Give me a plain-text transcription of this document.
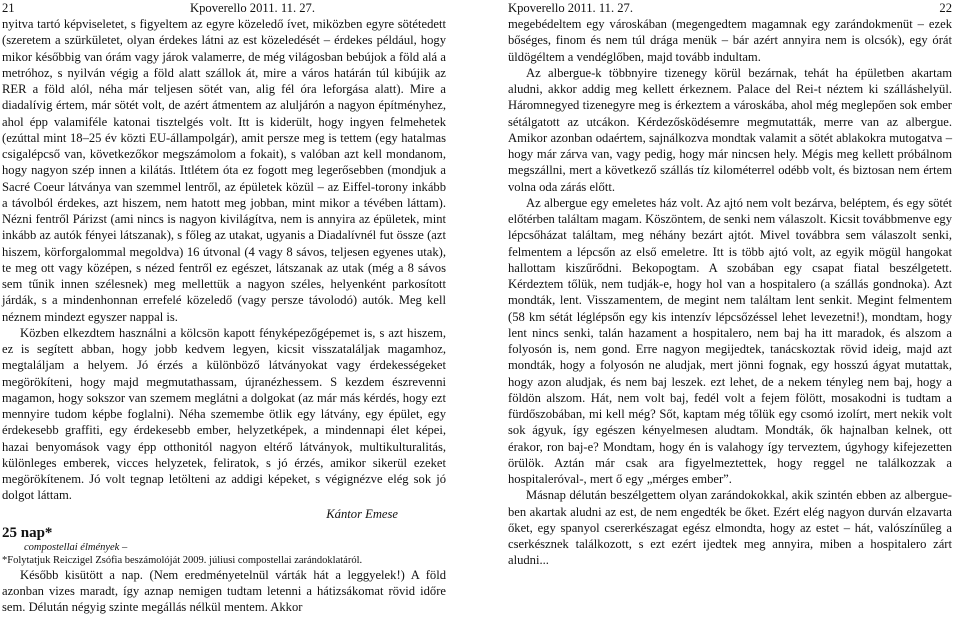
21	Kpoverello 2011. 11. 27.

nyitva tartó képviseletet, s figyeltem az egyre közeledő ívet, miközben egyre sötétedett (szeretem a szürkületet, olyan érdekes látni az est közeledését – érdekes például, hogy mikor későbbig van órám vagy járok valamerre, de még világosban bebújok a föld alá a metróhoz, s nyilván végig a föld alatt szállok át, mire a város határán túl kibújik az RER a föld alól, néha már teljesen sötét van, alig fél óra leforgása alatt). Mire a diadalívig értem, már sötét volt, de azért átmentem az aluljárón a nagyon építményhez, ahol épp valamiféle katonai tisztelgés volt. Itt is kiderült, hogy ingyen felmehetek (ezúttal mint 18–25 év közti EU-állampolgár), amit persze meg is tettem (egy hatalmas csigalépcső van, következőkor megszámolom a fokait), s valóban azt kell mondanom, hogy nagyon szép innen a kilátás. Ittlétem óta ez fogott meg legerősebben (mondjuk a Sacré Coeur látványa van szemmel lentről, az épületek közül – az Eiffel-torony inkább a távolból érdekes, azt hiszem, nem hatott meg jobban, mint mikor a tévében láttam). Nézni fentről Párizst (ami nincs is nagyon kivilágítva, nem is annyira az épületek, mint inkább az autók fényei látszanak), s főleg az utakat, ugyanis a Diadalívnél fut össze (azt hiszem, körforgalommal megoldva) 16 útvonal (4 vagy 8 sávos, teljesen egyenes utak), te meg ott vagy középen, s nézed fentről ez egészet, látszanak az utak (még a 8 sávos sem tűnik innen szélesnek) meg mellettük a nagyon széles, helyenként parkosított járdák, s a mindenhonnan errefelé közeledő (vagy persze távolodó) autók. Meg kell néznem mindezt egyszer nappal is.

Közben elkezdtem használni a kölcsön kapott fényképezőgépemet is, s azt hiszem, ez is segített abban, hogy jobb kedvem legyen, kicsit visszataláljak magamhoz, megtaláljam a helyem. Jó érzés a különböző látványokat vagy érdekességeket megörökíteni, hogy majd megmutathassam, újranézhessem. S kezdem észrevenni magamon, hogy sokszor van szemem meglátni a dolgokat (az már más kérdés, hogy ezt mennyire tudom képbe foglalni). Néha szemembe ötlik egy látvány, egy épület, egy érdekesebb graffiti, egy érdekesebb ember, helyzetképek, a mindennapi élet képei, hazai benyomások vagy épp otthonitól nagyon eltérő látványok, multikulturalitás, különleges emberek, vicces helyzetek, feliratok, s jó érzés, amikor sikerül ezeket megörökítenem. Jó volt tegnap letölteni az addigi képeket, s végignézve elég sok jó dolgot láttam.

Kántor Emese
25 nap*
compostellai élmények –
*Folytatjuk Reiczigel Zsófia beszámolóját 2009. júliusi compostellai zarándoklatáról.

Később kisütött a nap. (Nem eredményetelnül várták hát a leggyelek!) A föld azonban vizes maradt, így aznap nemigen tudtam letenni a hátizsákomat rövid időre sem. Délután négyig szinte megállás nélkül mentem. Akkor

Kpoverello 2011. 11. 27.	22

megebédeltem egy városkában (megengedtem magamnak egy zarándokmenüt – ezek bőséges, finom és nem túl drága menük – bár azért annyira nem is olcsók), egy órát üldögéltem a vendéglőben, majd tovább indultam.

Az albergue-k többnyire tizenegy körül bezárnak, tehát ha épületben akartam aludni, akkor addig meg kellett érkeznem. Palace del Rei-t néztem ki szálláshelyül. Háromnegyed tizenegyre meg is érkeztem a városkába, ahol még meglepően sok ember sétálgatott az utcákon. Kérdezősködésemre megmutatták, merre van az albergue. Amikor azonban odaértem, sajnálkozva mondtak valamit a sötét ablakokra mutogatva – hogy már zárva van, vagy pedig, hogy már nincsen hely. Mégis meg kellett próbálnom megszállni, mert a következő szállás tíz kilométerrel odébb volt, és biztosan nem értem volna oda zárás előtt.

Az albergue egy emeletes ház volt. Az ajtó nem volt bezárva, beléptem, és egy sötét előtérben találtam magam. Köszöntem, de senki nem válaszolt. Kicsit továbbmenve egy lépcsőházat találtam, meg néhány bezárt ajtót. Mivel továbbra sem válaszolt senki, felmentem a lépcsőn az első emeletre. Itt is több ajtó volt, az egyik mögül hangokat hallottam kiszűrődni. Bekopogtam. A szobában egy csapat fiatal beszélgetett. Kérdeztem tőlük, nem tudják-e, hogy hol van a hospitalero (a szállás gondnoka). Azt mondták, lent. Visszamentem, de megint nem találtam lent senkit. Megint felmentem (58 km sétát léglépsőn egy kis intenzív lépcsőzéssel lehet levezetni!), mondtam, hogy lent nincs senki, talán hazament a hospitalero, nem baj ha itt maradok, és alszom a folyosón is, nem gond. Erre nagyon megijedtek, tanácskoztak rövid ideig, majd azt mondták, hogy a folyosón ne aludjak, mert jönni fognak, egy hosszú ágyat mutattak, hogy azon aludjak, és nem baj leszek. ezt lehet, de a nekem tényleg nem baj, hogy a földön alszom. Hát, nem volt baj, fedél volt a fejem fölött, mosakodni is tudtam a fürdőszobában, mi kell még? Sőt, kaptam még tőlük egy csomó izolírt, mert nekik volt sok ágyuk, így egészen kényelmesen aludtam. Mondták, ők hajnalban kelnek, ott érakor, ron baj-e? Mondtam, hogy én is valahogy így terveztem, úgyhogy kifejezetten örülök. Aztán már csak ara figyelmeztettek, hogy reggel ne találkozzak a hospitaleróval-, mert ő egy „mérges ember”.

Másnap délután beszélgettem olyan zarándokokkal, akik szintén ebben az albergue-ben akartak aludni az est, de nem engedték be őket. Ezért elég nagyon durván elzavarta őket, egy spanyol csererkészagat egész elmondta, hogy az estet – hát, valószínűleg a cserkésznek találkozott, s ezt ezért ijedtek meg annyira, miben a hospitalero zárt aludni...
